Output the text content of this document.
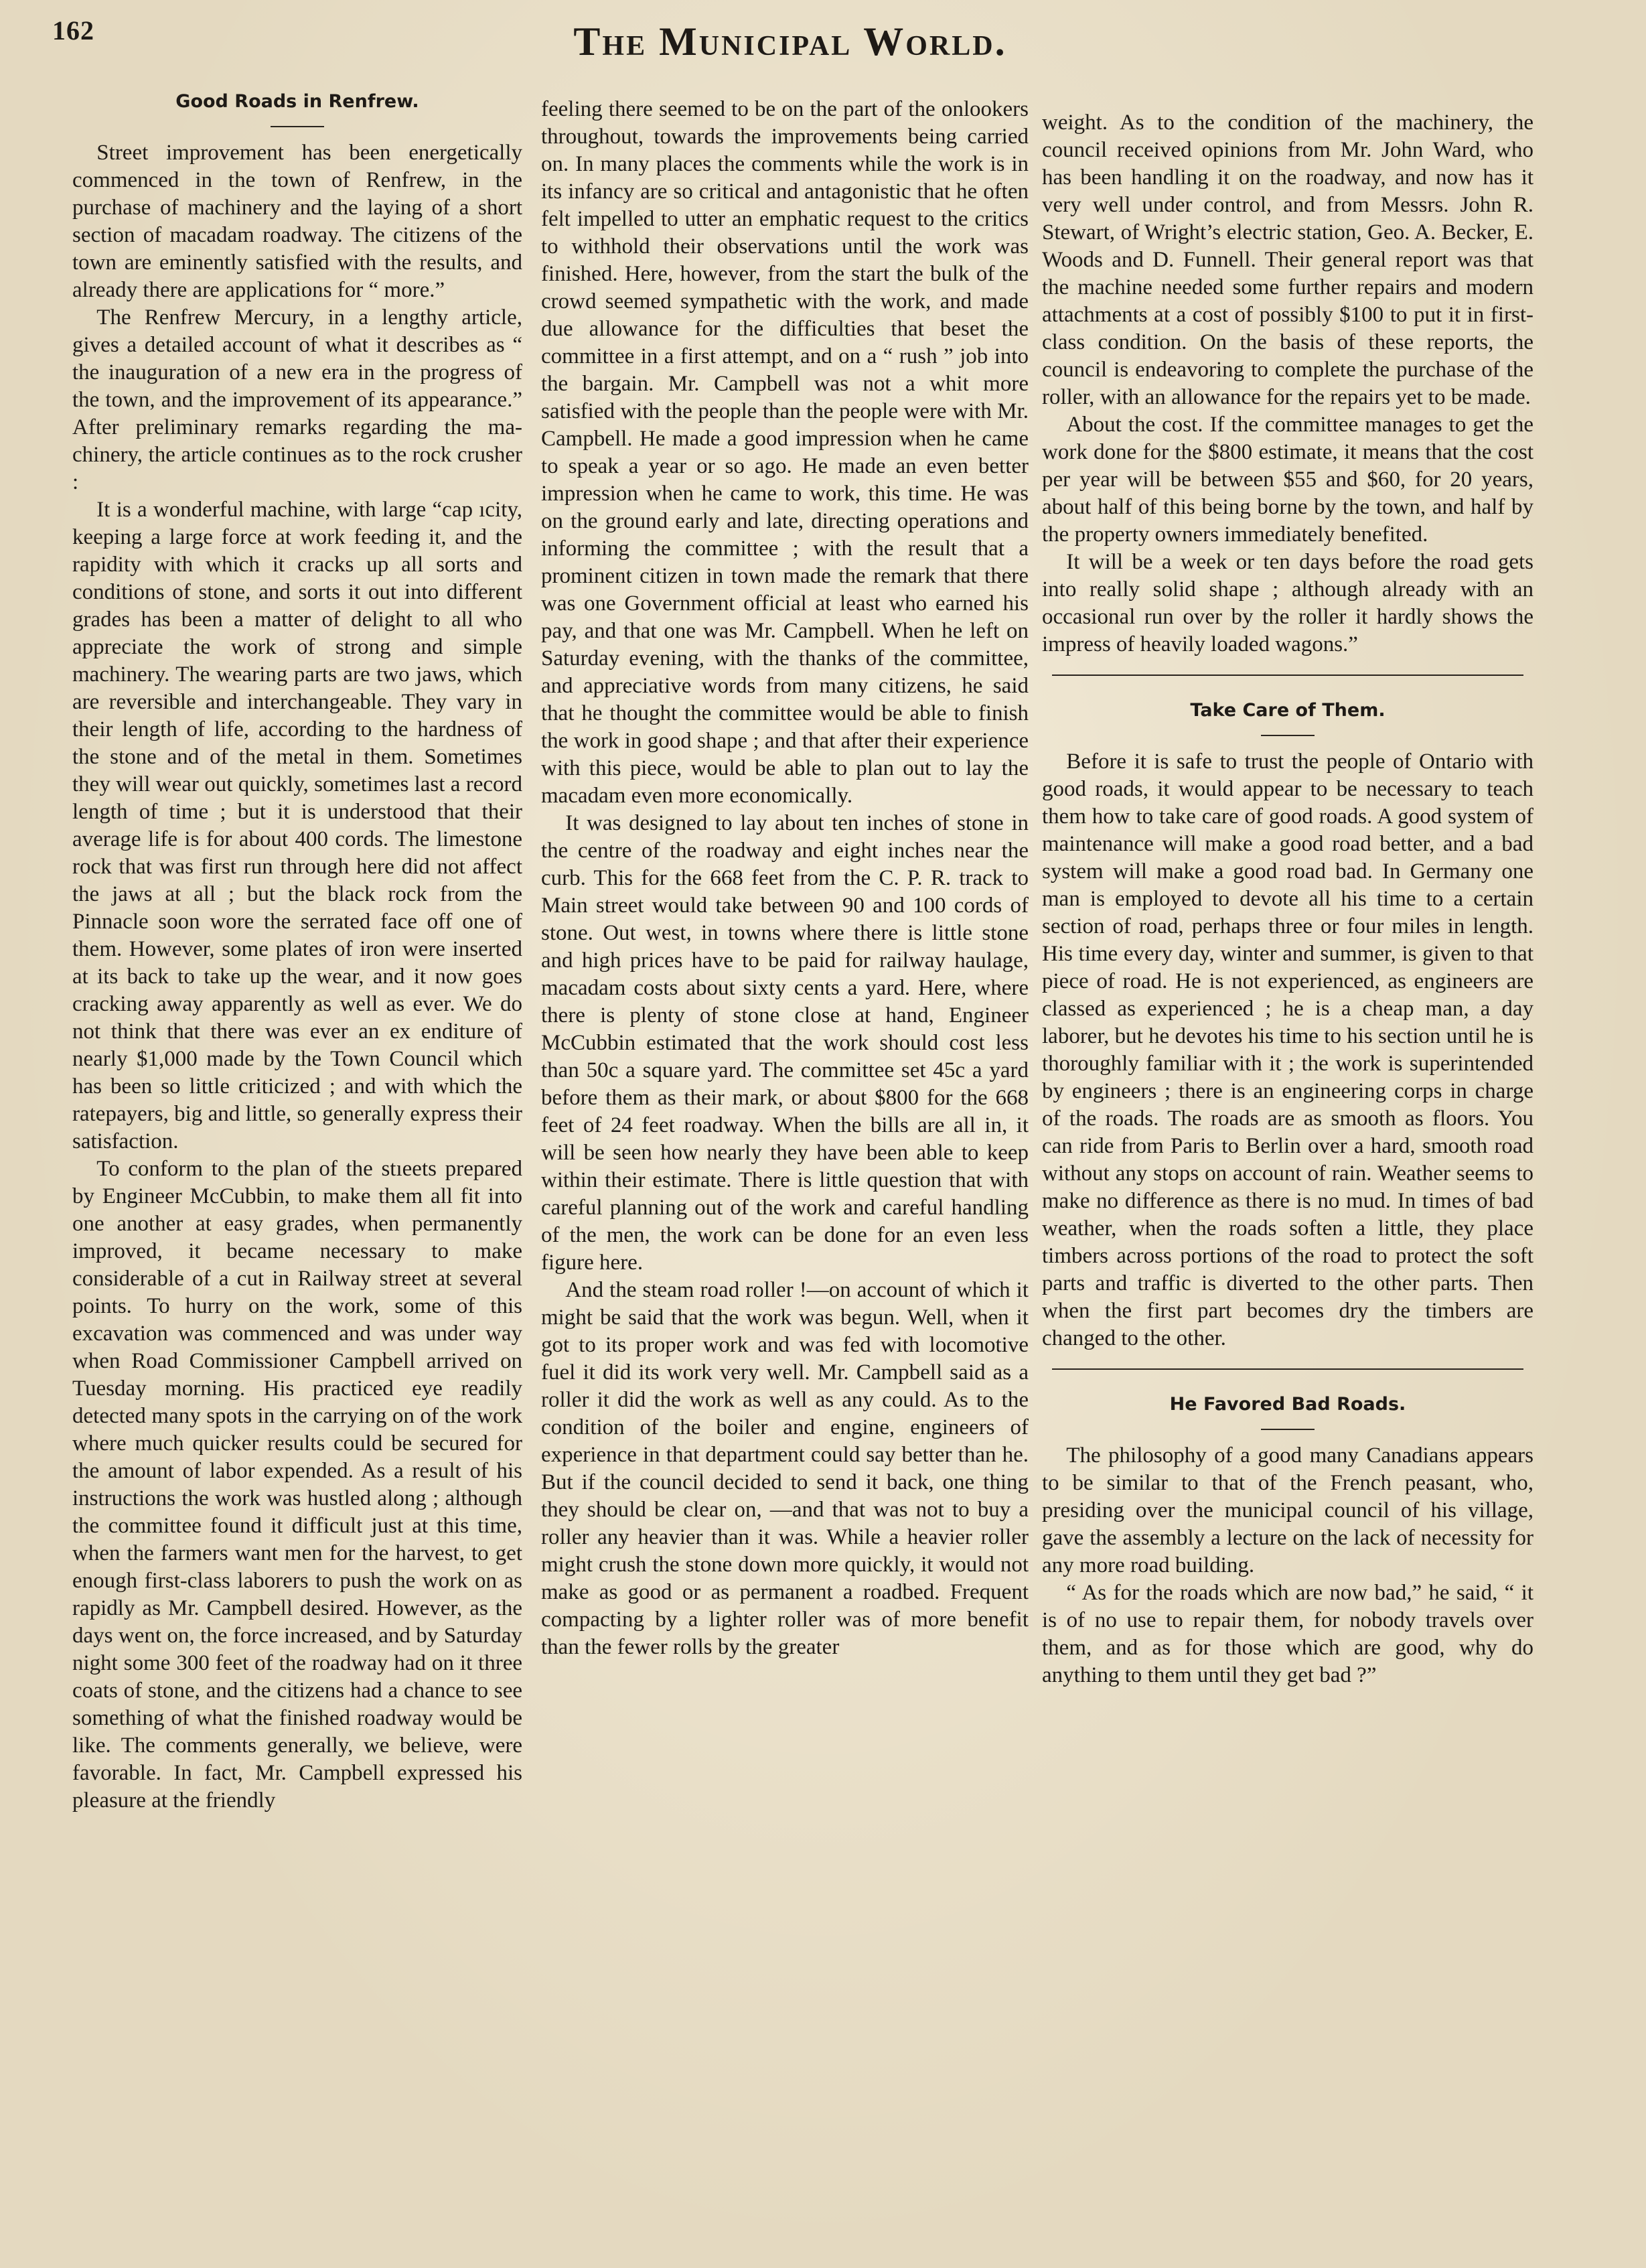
162	The Municipal World.
Good Roads in Renfrew.

Street improvement has been energetically commenced in the town of Renfrew, in the purchase of machinery and the laying of a short section of macadam roadway. The citizens of the town are eminently satisfied with the results, and already there are applications for “ more.”

The Renfrew Mercury, in a lengthy article, gives a detailed account of what it describes as “ the inauguration of a new era in the progress of the town, and the improvement of its appearance.” After preliminary remarks regarding the machinery, the article continues as to the rock crusher :

It is a wonderful machine, with large “cap ıcity, keeping a large force at work feeding it, and the rapidity with which it cracks up all sorts and conditions of stone, and sorts it out into different grades has been a matter of delight to all who appreciate the work of strong and simple machinery. The wearing parts are two jaws, which are reversible and interchangeable. They vary in their length of life, according to the hardness of the stone and of the metal in them. Sometimes they will wear out quickly, sometimes last a record length of time ; but it is understood that their average life is for about 400 cords. The limestone rock that was first run through here did not affect the jaws at all ; but the black rock from the Pinnacle soon wore the serrated face off one of them. However, some plates of iron were inserted at its back to take up the wear, and it now goes cracking away apparently as well as ever. We do not think that there was ever an ex enditure of nearly $1,000 made by the Town Council which has been so little criticized ; and with which the ratepayers, big and little, so generally express their satisfaction.

To conform to the plan of the stıeets prepared by Engineer McCubbin, to make them all fit into one another at easy grades, when permanently improved, it became necessary to make considerable of a cut in Railway street at several points. To hurry on the work, some of this excavation was commenced and was under way when Road Commissioner Campbell arrived on Tuesday morning. His practiced eye readily detected many spots in the carrying on of the work where much quicker results could be secured for the amount of labor expended. As a result of his instructions the work was hustled along ; although the committee found it difficult just at this time, when the farmers want men for the harvest, to get enough first-class laborers to push the work on as rapidly as Mr. Campbell desired. However, as the days went on, the force increased, and by Saturday night some 300 feet of the roadway had on it three coats of stone, and the citizens had a chance to see something of what the finished roadway would be like. The comments generally, we believe, were favorable. In fact, Mr. Campbell expressed his pleasure at the friendly

feeling there seemed to be on the part of the onlookers throughout, towards the improvements being carried on. In many places the comments while the work is in its infancy are so critical and antagonistic that he often felt impelled to utter an emphatic request to the critics to withhold their observations until the work was finished. Here, however, from the start the bulk of the crowd seemed sympathetic with the work, and made due allowance for the difficulties that beset the committee in a first attempt, and on a “ rush ” job into the bargain. Mr. Campbell was not a whit more satisfied with the people than the people were with Mr. Campbell. He made a good impression when he came to speak a year or so ago. He made an even better impression when he came to work, this time. He was on the ground early and late, directing operations and informing the committee ; with the result that a prominent citizen in town made the remark that there was one Government official at least who earned his pay, and that one was Mr. Campbell. When he left on Saturday evening, with the thanks of the committee, and appreciative words from many citizens, he said that he thought the committee would be able to finish the work in good shape ; and that after their experience with this piece, would be able to plan out to lay the macadam even more economically.

It was designed to lay about ten inches of stone in the centre of the roadway and eight inches near the curb. This for the 668 feet from the C. P. R. track to Main street would take between 90 and 100 cords of stone. Out west, in towns where there is little stone and high prices have to be paid for railway haulage, macadam costs about sixty cents a yard. Here, where there is plenty of stone close at hand, Engineer McCubbin estimated that the work should cost less than 50c a square yard. The committee set 45c a yard before them as their mark, or about $800 for the 668 feet of 24 feet roadway. When the bills are all in, it will be seen how nearly they have been able to keep within their estimate. There is little question that with careful planning out of the work and careful handling of the men, the work can be done for an even less figure here.

And the steam road roller !—on account of which it might be said that the work was begun. Well, when it got to its proper work and was fed with locomotive fuel it did its work very well. Mr. Campbell said as a roller it did the work as well as any could. As to the condition of the boiler and engine, engineers of experience in that department could say better than he. But if the council decided to send it back, one thing they should be clear on, —and that was not to buy a roller any heavier than it was. While a heavier roller might crush the stone down more quickly, it would not make as good or as permanent a roadbed. Frequent compacting by a lighter roller was of more benefit than the fewer rolls by the greater

weight. As to the condition of the machinery, the council received opinions from Mr. John Ward, who has been handling it on the roadway, and now has it very well under control, and from Messrs. John R. Stewart, of Wright’s electric station, Geo. A. Becker, E. Woods and D. Funnell. Their general report was that the machine needed some further repairs and modern attachments at a cost of possibly $100 to put it in first-class condition. On the basis of these reports, the council is endeavoring to complete the purchase of the roller, with an allowance for the repairs yet to be made.

About the cost. If the committee manages to get the work done for the $800 estimate, it means that the cost per year will be between $55 and $60, for 20 years, about half of this being borne by the town, and half by the property owners immediately benefited.

It will be a week or ten days before the road gets into really solid shape ; although already with an occasional run over by the roller it hardly shows the impress of heavily loaded wagons.”

Take Care of Them.

Before it is safe to trust the people of Ontario with good roads, it would appear to be necessary to teach them how to take care of good roads. A good system of maintenance will make a good road better, and a bad system will make a good road bad. In Germany one man is employed to devote all his time to a certain section of road, perhaps three or four miles in length. His time every day, winter and summer, is given to that piece of road. He is not experienced, as engineers are classed as experienced ; he is a cheap man, a day laborer, but he devotes his time to his section until he is thoroughly familiar with it ; the work is superintended by engineers ; there is an engineering corps in charge of the roads. The roads are as smooth as floors. You can ride from Paris to Berlin over a hard, smooth road without any stops on account of rain. Weather seems to make no difference as there is no mud. In times of bad weather, when the roads soften a little, they place timbers across portions of the road to protect the soft parts and traffic is diverted to the other parts. Then when the first part becomes dry the timbers are changed to the other.

He Favored Bad Roads.

The philosophy of a good many Canadians appears to be similar to that of the French peasant, who, presiding over the municipal council of his village, gave the assembly a lecture on the lack of necessity for any more road building.

“ As for the roads which are now bad,” he said, “ it is of no use to repair them, for nobody travels over them, and as for those which are good, why do anything to them until they get bad ?”
